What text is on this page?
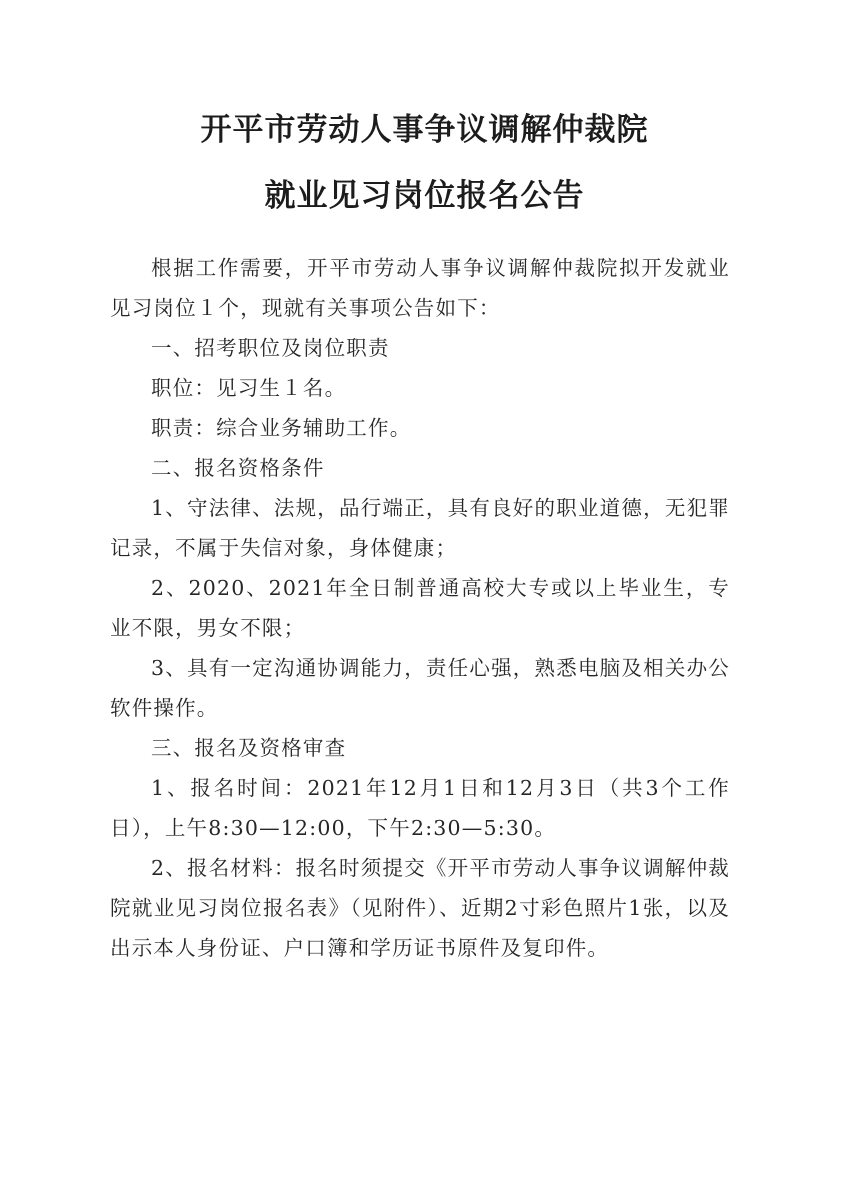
开平市劳动人事争议调解仲裁院
就业见习岗位报名公告

根据工作需要，开平市劳动人事争议调解仲裁院拟开发就业见习岗位１个，现就有关事项公告如下：

一、招考职位及岗位职责

职位：见习生１名。

职责：综合业务辅助工作。

二、报名资格条件

1、守法律、法规，品行端正，具有良好的职业道德，无犯罪记录，不属于失信对象，身体健康；

2、2020、2021年全日制普通高校大专或以上毕业生，专业不限，男女不限；

3、具有一定沟通协调能力，责任心强，熟悉电脑及相关办公软件操作。

三、报名及资格审查

1、报名时间：2021年12月1日和12月3日（共3个工作日），上午8:30—12:00，下午2:30—5:30。

2、报名材料：报名时须提交《开平市劳动人事争议调解仲裁院就业见习岗位报名表》（见附件）、近期2寸彩色照片1张，以及出示本人身份证、户口簿和学历证书原件及复印件。
